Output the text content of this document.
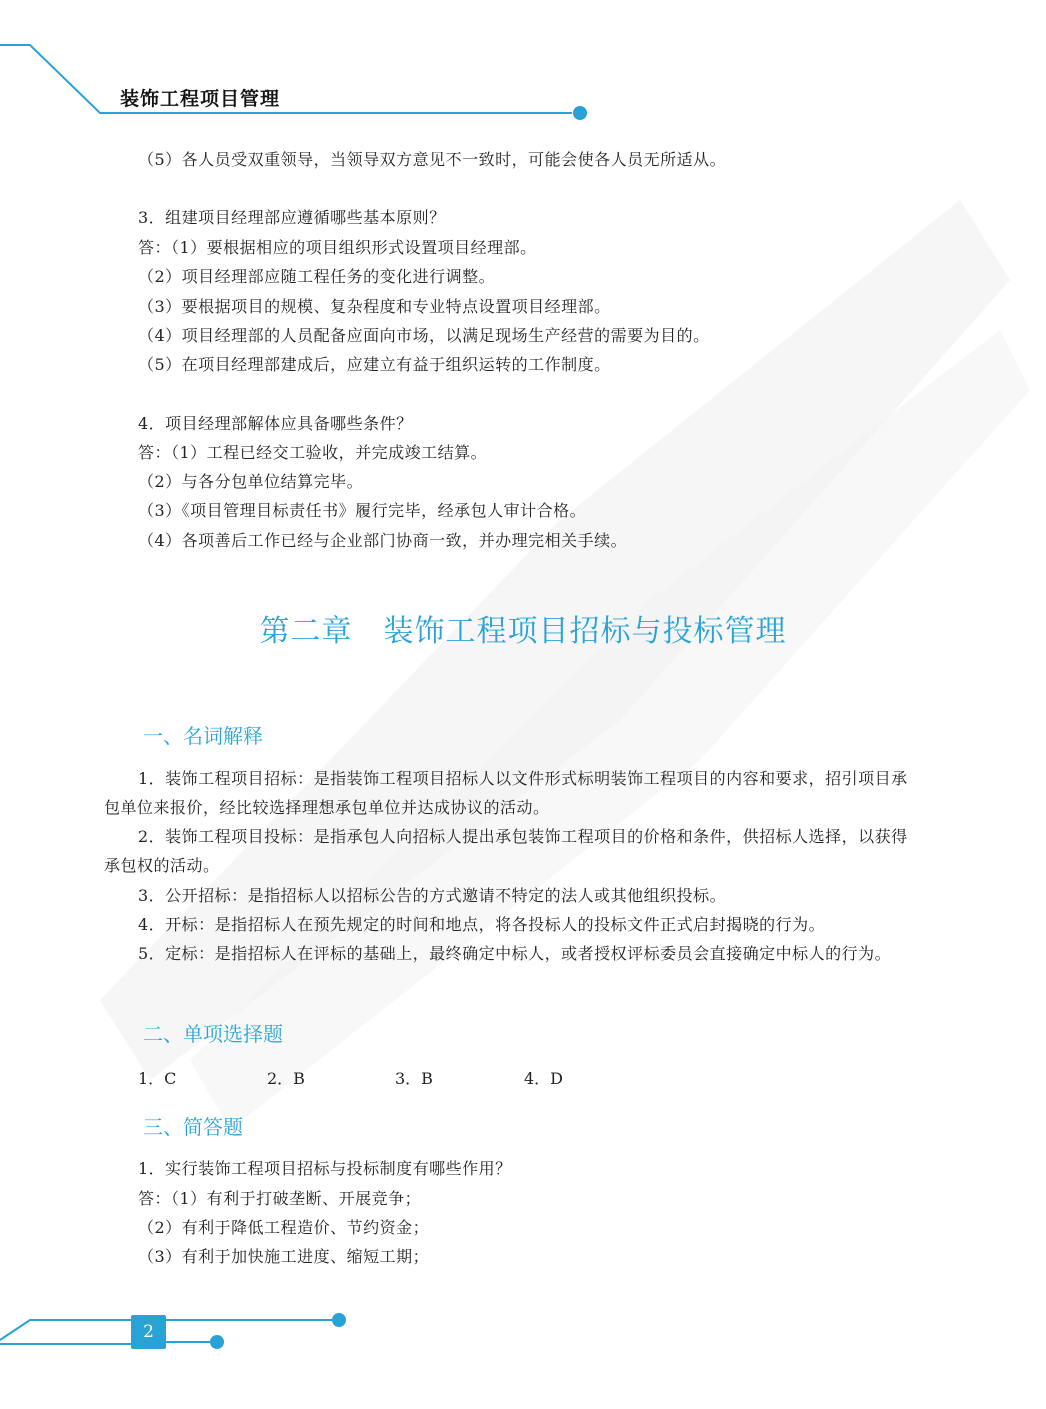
装饰工程项目管理
（5）各人员受双重领导，当领导双方意见不一致时，可能会使各人员无所适从。
3．组建项目经理部应遵循哪些基本原则？
答：（1）要根据相应的项目组织形式设置项目经理部。
（2）项目经理部应随工程任务的变化进行调整。
（3）要根据项目的规模、复杂程度和专业特点设置项目经理部。
（4）项目经理部的人员配备应面向市场，以满足现场生产经营的需要为目的。
（5）在项目经理部建成后，应建立有益于组织运转的工作制度。
4．项目经理部解体应具备哪些条件？
答：（1）工程已经交工验收，并完成竣工结算。
（2）与各分包单位结算完毕。
（3）《项目管理目标责任书》履行完毕，经承包人审计合格。
（4）各项善后工作已经与企业部门协商一致，并办理完相关手续。
第二章　装饰工程项目招标与投标管理
一、名词解释
1．装饰工程项目招标：是指装饰工程项目招标人以文件形式标明装饰工程项目的内容和要求，招引项目承包单位来报价，经比较选择理想承包单位并达成协议的活动。
2．装饰工程项目投标：是指承包人向招标人提出承包装饰工程项目的价格和条件，供招标人选择，以获得承包权的活动。
3．公开招标：是指招标人以招标公告的方式邀请不特定的法人或其他组织投标。
4．开标：是指招标人在预先规定的时间和地点，将各投标人的投标文件正式启封揭晓的行为。
5．定标：是指招标人在评标的基础上，最终确定中标人，或者授权评标委员会直接确定中标人的行为。
二、单项选择题
1．C	2．B	3．B	4．D
三、简答题
1．实行装饰工程项目招标与投标制度有哪些作用？
答：（1）有利于打破垄断、开展竞争；
（2）有利于降低工程造价、节约资金；
（3）有利于加快施工进度、缩短工期；
2
